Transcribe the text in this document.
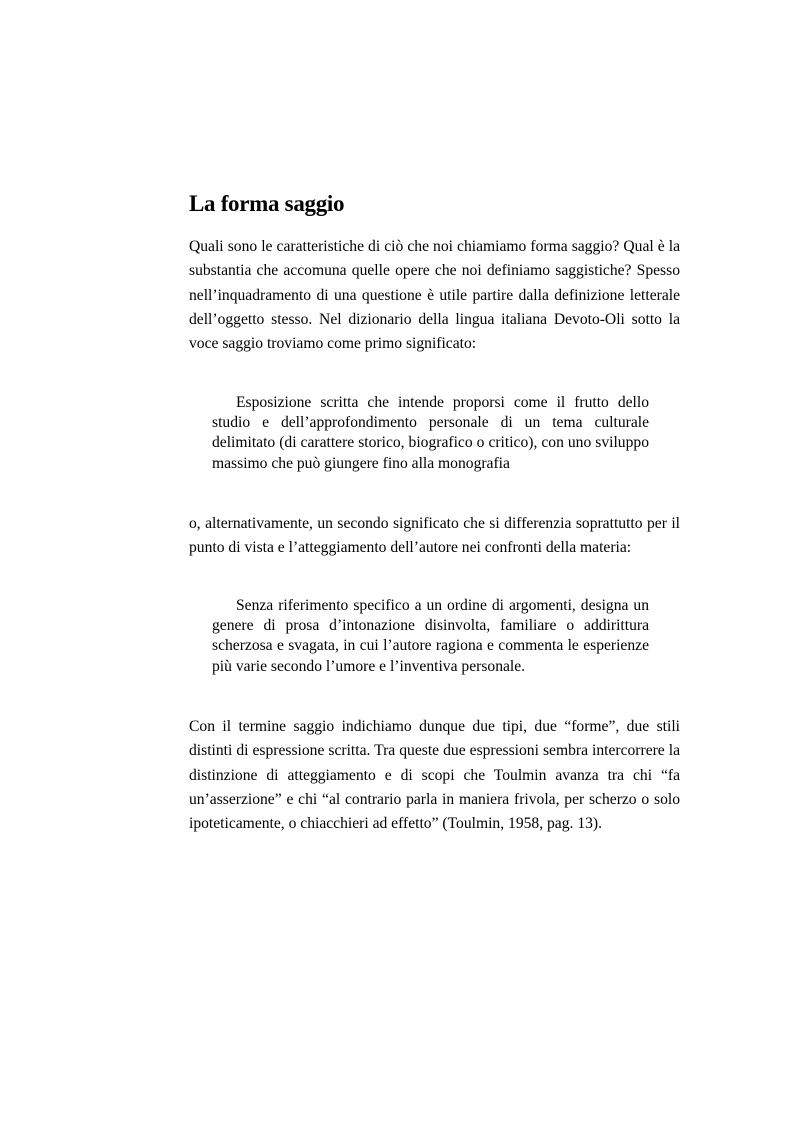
La forma saggio

Quali sono le caratteristiche di ciò che noi chiamiamo forma saggio? Qual è la substantia che accomuna quelle opere che noi definiamo saggistiche? Spesso nell’inquadramento di una questione è utile partire dalla definizione letterale dell’oggetto stesso. Nel dizionario della lingua italiana Devoto-Oli sotto la voce saggio troviamo come primo significato:

Esposizione scritta che intende proporsi come il frutto dello studio e dell’approfondimento personale di un tema culturale delimitato (di carattere storico, biografico o critico), con uno sviluppo massimo che può giungere fino alla monografia

o, alternativamente, un secondo significato che si differenzia soprattutto per il punto di vista e l’atteggiamento dell’autore nei confronti della materia:

Senza riferimento specifico a un ordine di argomenti, designa un genere di prosa d’intonazione disinvolta, familiare o addirittura scherzosa e svagata, in cui l’autore ragiona e commenta le esperienze più varie secondo l’umore e l’inventiva personale.

Con il termine saggio indichiamo dunque due tipi, due “forme”, due stili distinti di espressione scritta. Tra queste due espressioni sembra intercorrere la distinzione di atteggiamento e di scopi che Toulmin avanza tra chi “fa un’asserzione” e chi “al contrario parla in maniera frivola, per scherzo o solo ipoteticamente, o chiacchieri ad effetto” (Toulmin, 1958, pag. 13).
